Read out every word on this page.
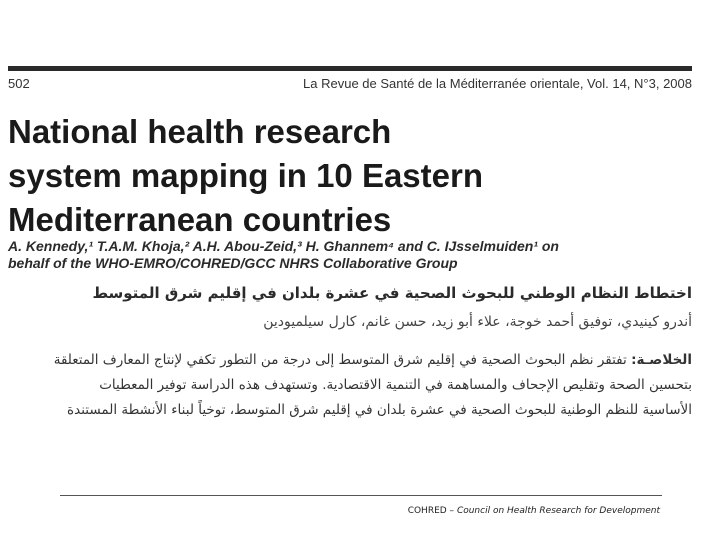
502	La Revue de Santé de la Méditerranée orientale, Vol. 14, N°3, 2008
National health research
system mapping in 10 Eastern
Mediterranean countries
A. Kennedy,¹ T.A.M. Khoja,² A.H. Abou-Zeid,³ H. Ghannem⁴ and C. IJsselmuiden¹ on
behalf of the WHO-EMRO/COHRED/GCC NHRS Collaborative Group
اختطاط النظام الوطني للبحوث الصحية في عشرة بلدان في إقليم شرق المتوسط
أندرو كينيدي، توفيق أحمد خوجة، علاء أبو زيد، حسن غانم، كارل سيلميودين
الخلاصـة: تفتقر نظم البحوث الصحية في إقليم شرق المتوسط إلى درجة من التطور تكفي لإنتاج المعارف المتعلقة
بتحسين الصحة وتقليص الإجحاف والمساهمة في التنمية الاقتصادية. وتستهدف هذه الدراسة توفير المعطيات
الأساسية للنظم الوطنية للبحوث الصحية في عشرة بلدان في إقليم شرق المتوسط، توخياً لبناء الأنشطة المستندة
COHRED – Council on Health Research for Development
